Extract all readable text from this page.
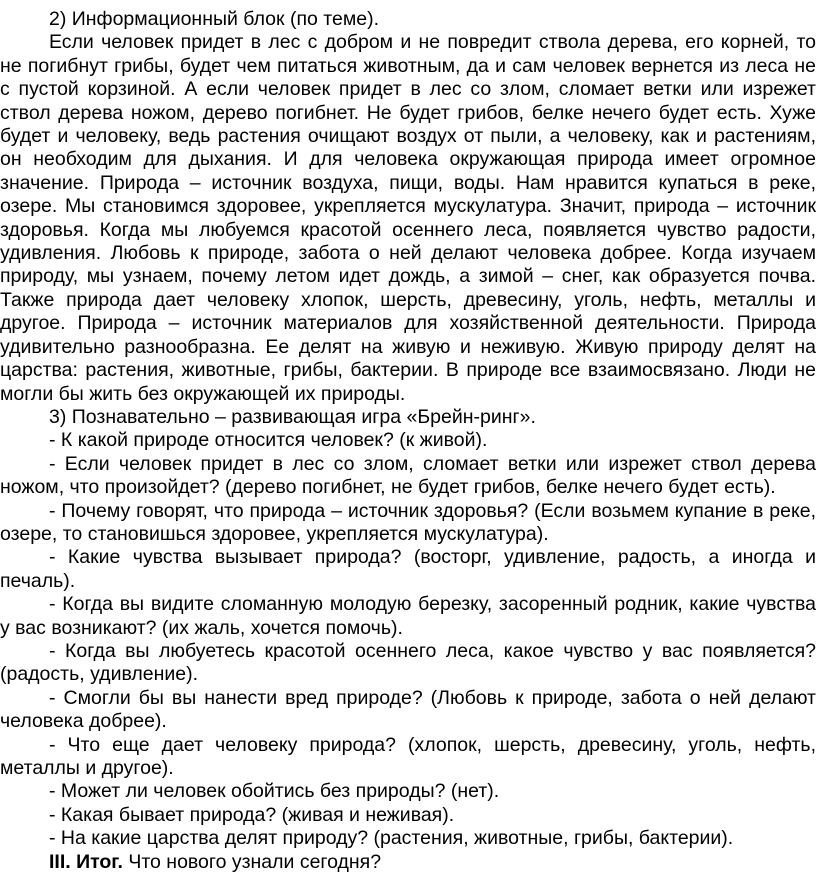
2) Информационный блок (по теме).

Если человек придет в лес с добром и не повредит ствола дерева, его корней, то не погибнут грибы, будет чем питаться животным, да и сам человек вернется из леса не с пустой корзиной. А если человек придет в лес со злом, сломает ветки или изрежет ствол дерева ножом, дерево погибнет. Не будет грибов, белке нечего будет есть. Хуже будет и человеку, ведь растения очищают воздух от пыли, а человеку, как и растениям, он необходим для дыхания. И для человека окружающая природа имеет огромное значение. Природа – источник воздуха, пищи, воды. Нам нравится купаться в реке, озере. Мы становимся здоровее, укрепляется мускулатура. Значит, природа – источник здоровья. Когда мы любуемся красотой осеннего леса, появляется чувство радости, удивления. Любовь к природе, забота о ней делают человека добрее. Когда изучаем природу, мы узнаем, почему летом идет дождь, а зимой – снег, как образуется почва. Также природа дает человеку хлопок, шерсть, древесину, уголь, нефть, металлы и другое. Природа – источник материалов для хозяйственной деятельности. Природа удивительно разнообразна. Ее делят на живую и неживую. Живую природу делят на царства: растения, животные, грибы, бактерии. В природе все взаимосвязано. Люди не могли бы жить без окружающей их природы.

3) Познавательно – развивающая игра «Брейн-ринг».

- К какой природе относится человек? (к живой).

- Если человек придет в лес со злом, сломает ветки или изрежет ствол дерева ножом, что произойдет? (дерево погибнет, не будет грибов, белке нечего будет есть).

- Почему говорят, что природа – источник здоровья? (Если возьмем купание в реке, озере, то становишься здоровее, укрепляется мускулатура).

- Какие чувства вызывает природа? (восторг, удивление, радость, а иногда и печаль).

- Когда вы видите сломанную молодую березку, засоренный родник, какие чувства у вас возникают? (их жаль, хочется помочь).

- Когда вы любуетесь красотой осеннего леса, какое чувство у вас появляется? (радость, удивление).

- Смогли бы вы нанести вред природе? (Любовь к природе, забота о ней делают человека добрее).

- Что еще дает человеку природа? (хлопок, шерсть, древесину, уголь, нефть, металлы и другое).

- Может ли человек обойтись без природы? (нет).

- Какая бывает природа? (живая и неживая).

- На какие царства делят природу? (растения, животные, грибы, бактерии).

III. Итог. Что нового узнали сегодня?
